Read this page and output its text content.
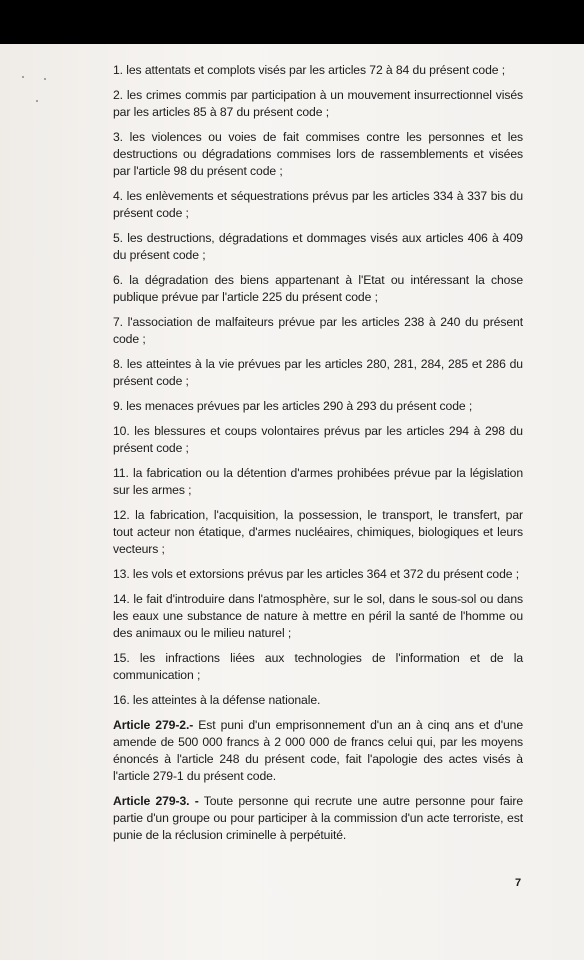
1. les attentats et complots visés par les articles 72 à 84 du présent code ;

2. les crimes commis par participation à un mouvement insurrectionnel visés par les articles 85 à 87 du présent code ;

3. les violences ou voies de fait commises contre les personnes et les destructions ou dégradations commises lors de rassemblements et visées par l'article 98 du présent code ;

4. les enlèvements et séquestrations prévus par les articles 334 à 337 bis du présent code ;

5. les destructions, dégradations et dommages visés aux articles 406 à 409 du présent code ;

6. la dégradation des biens appartenant à l'Etat ou intéressant la chose publique prévue par l'article 225 du présent code ;

7. l'association de malfaiteurs prévue par les articles 238 à 240 du présent code ;

8. les atteintes à la vie prévues par les articles 280, 281, 284, 285 et 286 du présent code ;

9. les menaces prévues par les articles 290 à 293 du présent code ;

10. les blessures et coups volontaires prévus par les articles 294 à 298 du présent code ;

11. la fabrication ou la détention d'armes prohibées prévue par la législation sur les armes ;

12. la fabrication, l'acquisition, la possession, le transport, le transfert, par tout acteur non étatique, d'armes nucléaires, chimiques, biologiques et leurs vecteurs ;

13. les vols et extorsions prévus par les articles 364 et 372 du présent code ;

14. le fait d'introduire dans l'atmosphère, sur le sol, dans le sous-sol ou dans les eaux une substance de nature à mettre en péril la santé de l'homme ou des animaux ou le milieu naturel ;

15. les infractions liées aux technologies de l'information et de la communication ;

16. les atteintes à la défense nationale.

Article 279-2.- Est puni d'un emprisonnement d'un an à cinq ans et d'une amende de 500 000 francs à 2 000 000 de francs celui qui, par les moyens énoncés à l'article 248 du présent code, fait l'apologie des actes visés à l'article 279-1 du présent code.

Article 279-3. - Toute personne qui recrute une autre personne pour faire partie d'un groupe ou pour participer à la commission d'un acte terroriste, est punie de la réclusion criminelle à perpétuité.

7
